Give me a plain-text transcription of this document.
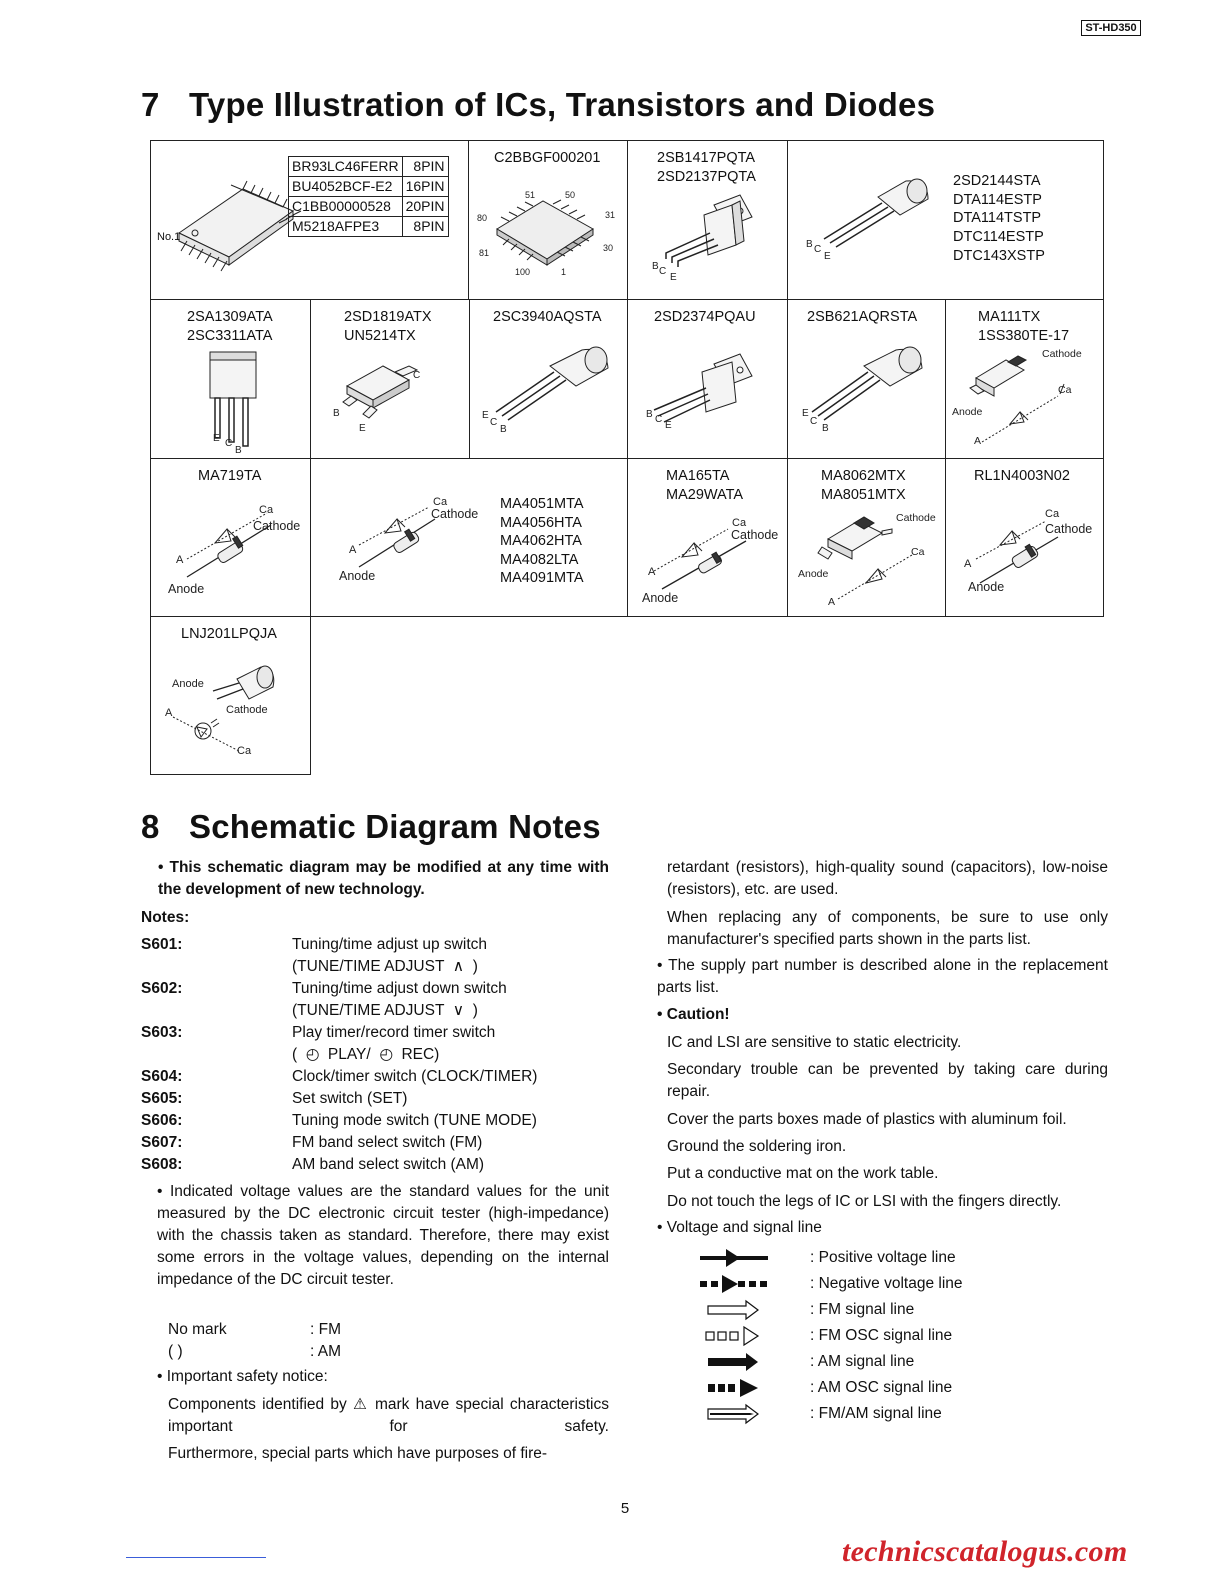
ST-HD350
7 Type Illustration of ICs, Transistors and Diodes
No.1
BR93LC46FERR	8PIN
BU4052BCF-E2	16PIN
C1BB00000528	20PIN
M5218AFPE3	8PIN
C2BBGF000201
51	50
80	31
81	30
100	1
2SB1417PQTA
2SD2137PQTA
B C
E
B C
E
2SD2144STA
DTA114ESTP
DTA114TSTP
DTC114ESTP
DTC143XSTP
2SA1309ATA
2SC3311ATA
E C
B
2SD1819ATX
UN5214TX
C
B
E
2SC3940AQSTA
E
C
B
2SD2374PQAU
B C
E
2SB621AQRSTA
E
C
B
MA111TX
1SS380TE-17
Cathode
Ca
Anode
A
MA719TA
Ca
Cathode
A
Anode
Ca
Cathode
A
Anode
MA4051MTA
MA4056HTA
MA4062HTA
MA4082LTA
MA4091MTA
MA165TA
MA29WATA
Ca
Cathode
A
Anode
MA8062MTX
MA8051MTX
Cathode
Ca
Anode
A
RL1N4003N02
Ca
Cathode
A
Anode
LNJ201LPQJA
Anode
A	Cathode
Ca
8 Schematic Diagram Notes
• This schematic diagram may be modified at any time with the development of new technology.
Notes:
S601:	Tuning/time adjust up switch
(TUNE/TIME ADJUST  ∧  )
S602:	Tuning/time adjust down switch
(TUNE/TIME ADJUST  ∨  )
S603:	Play timer/record timer switch
(  ◴  PLAY/  ◴  REC)
S604:	Clock/timer switch (CLOCK/TIMER)
S605:	Set switch (SET)
S606:	Tuning mode switch (TUNE MODE)
S607:	FM band select switch (FM)
S608:	AM band select switch (AM)
• Indicated voltage values are the standard values for the unit measured by the DC electronic circuit tester (high-impedance) with the chassis taken as standard. Therefore, there may exist some errors in the voltage values, depending on the internal impedance of the DC circuit tester.
No mark	: FM
( )	: AM
• Important safety notice:
Components identified by ⚠ mark have special characteristics important for safety.
Furthermore, special parts which have purposes of fire-
retardant (resistors), high-quality sound (capacitors), low-noise (resistors), etc. are used.
When replacing any of components, be sure to use only manufacturer's specified parts shown in the parts list.
• The supply part number is described alone in the replacement parts list.
• Caution!
IC and LSI are sensitive to static electricity.
Secondary trouble can be prevented by taking care during repair.
Cover the parts boxes made of plastics with aluminum foil.
Ground the soldering iron.
Put a conductive mat on the work table.
Do not touch the legs of IC or LSI with the fingers directly.
• Voltage and signal line
: Positive voltage line
: Negative voltage line
: FM signal line
: FM OSC signal line
: AM signal line
: AM OSC signal line
: FM/AM signal line
5
technicscatalogus.com
